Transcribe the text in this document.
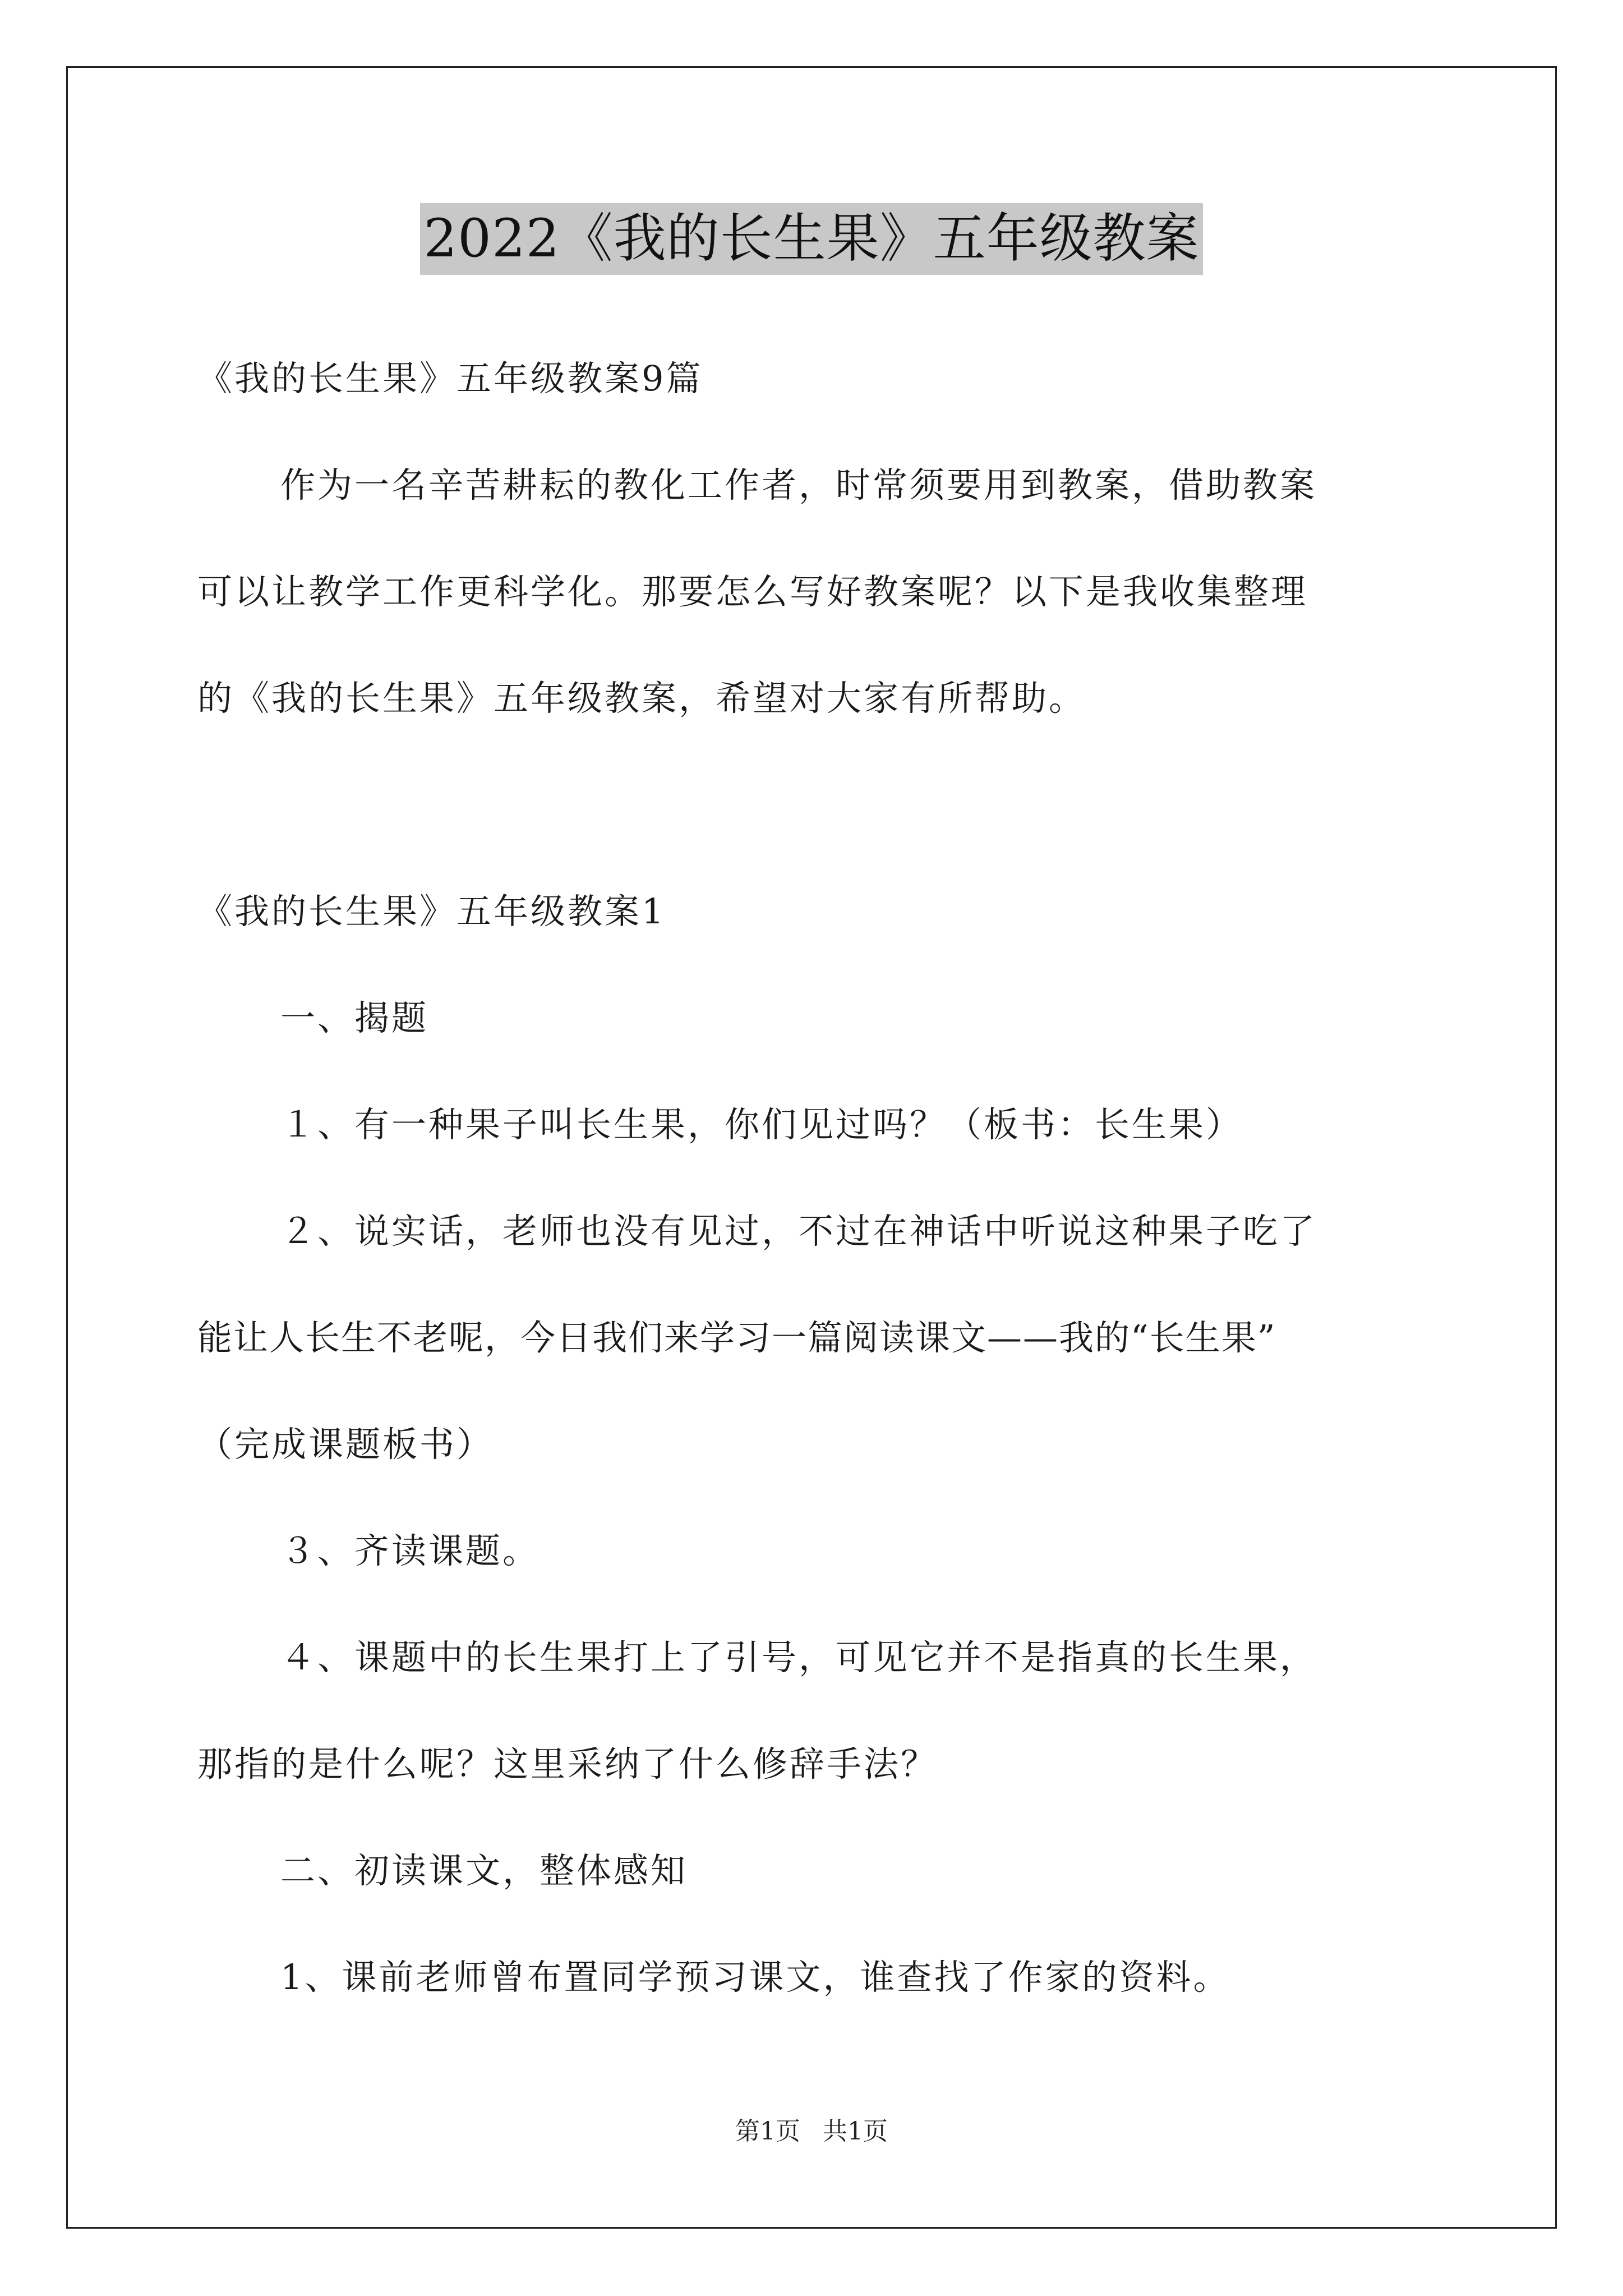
2022《我的长生果》五年级教案
《我的长生果》五年级教案9篇
作为一名辛苦耕耘的教化工作者，时常须要用到教案，借助教案
可以让教学工作更科学化。那要怎么写好教案呢？以下是我收集整理
的《我的长生果》五年级教案，希望对大家有所帮助。
《我的长生果》五年级教案1
一、揭题
１、有一种果子叫长生果，你们见过吗？（板书：长生果）
２、说实话，老师也没有见过，不过在神话中听说这种果子吃了
能让人长生不老呢，今日我们来学习一篇阅读课文——我的“长生果”
（完成课题板书）
３、齐读课题。
４、课题中的长生果打上了引号，可见它并不是指真的长生果，
那指的是什么呢？这里采纳了什么修辞手法？
二、初读课文，整体感知
1、课前老师曾布置同学预习课文，谁查找了作家的资料。
第1页 共1页
